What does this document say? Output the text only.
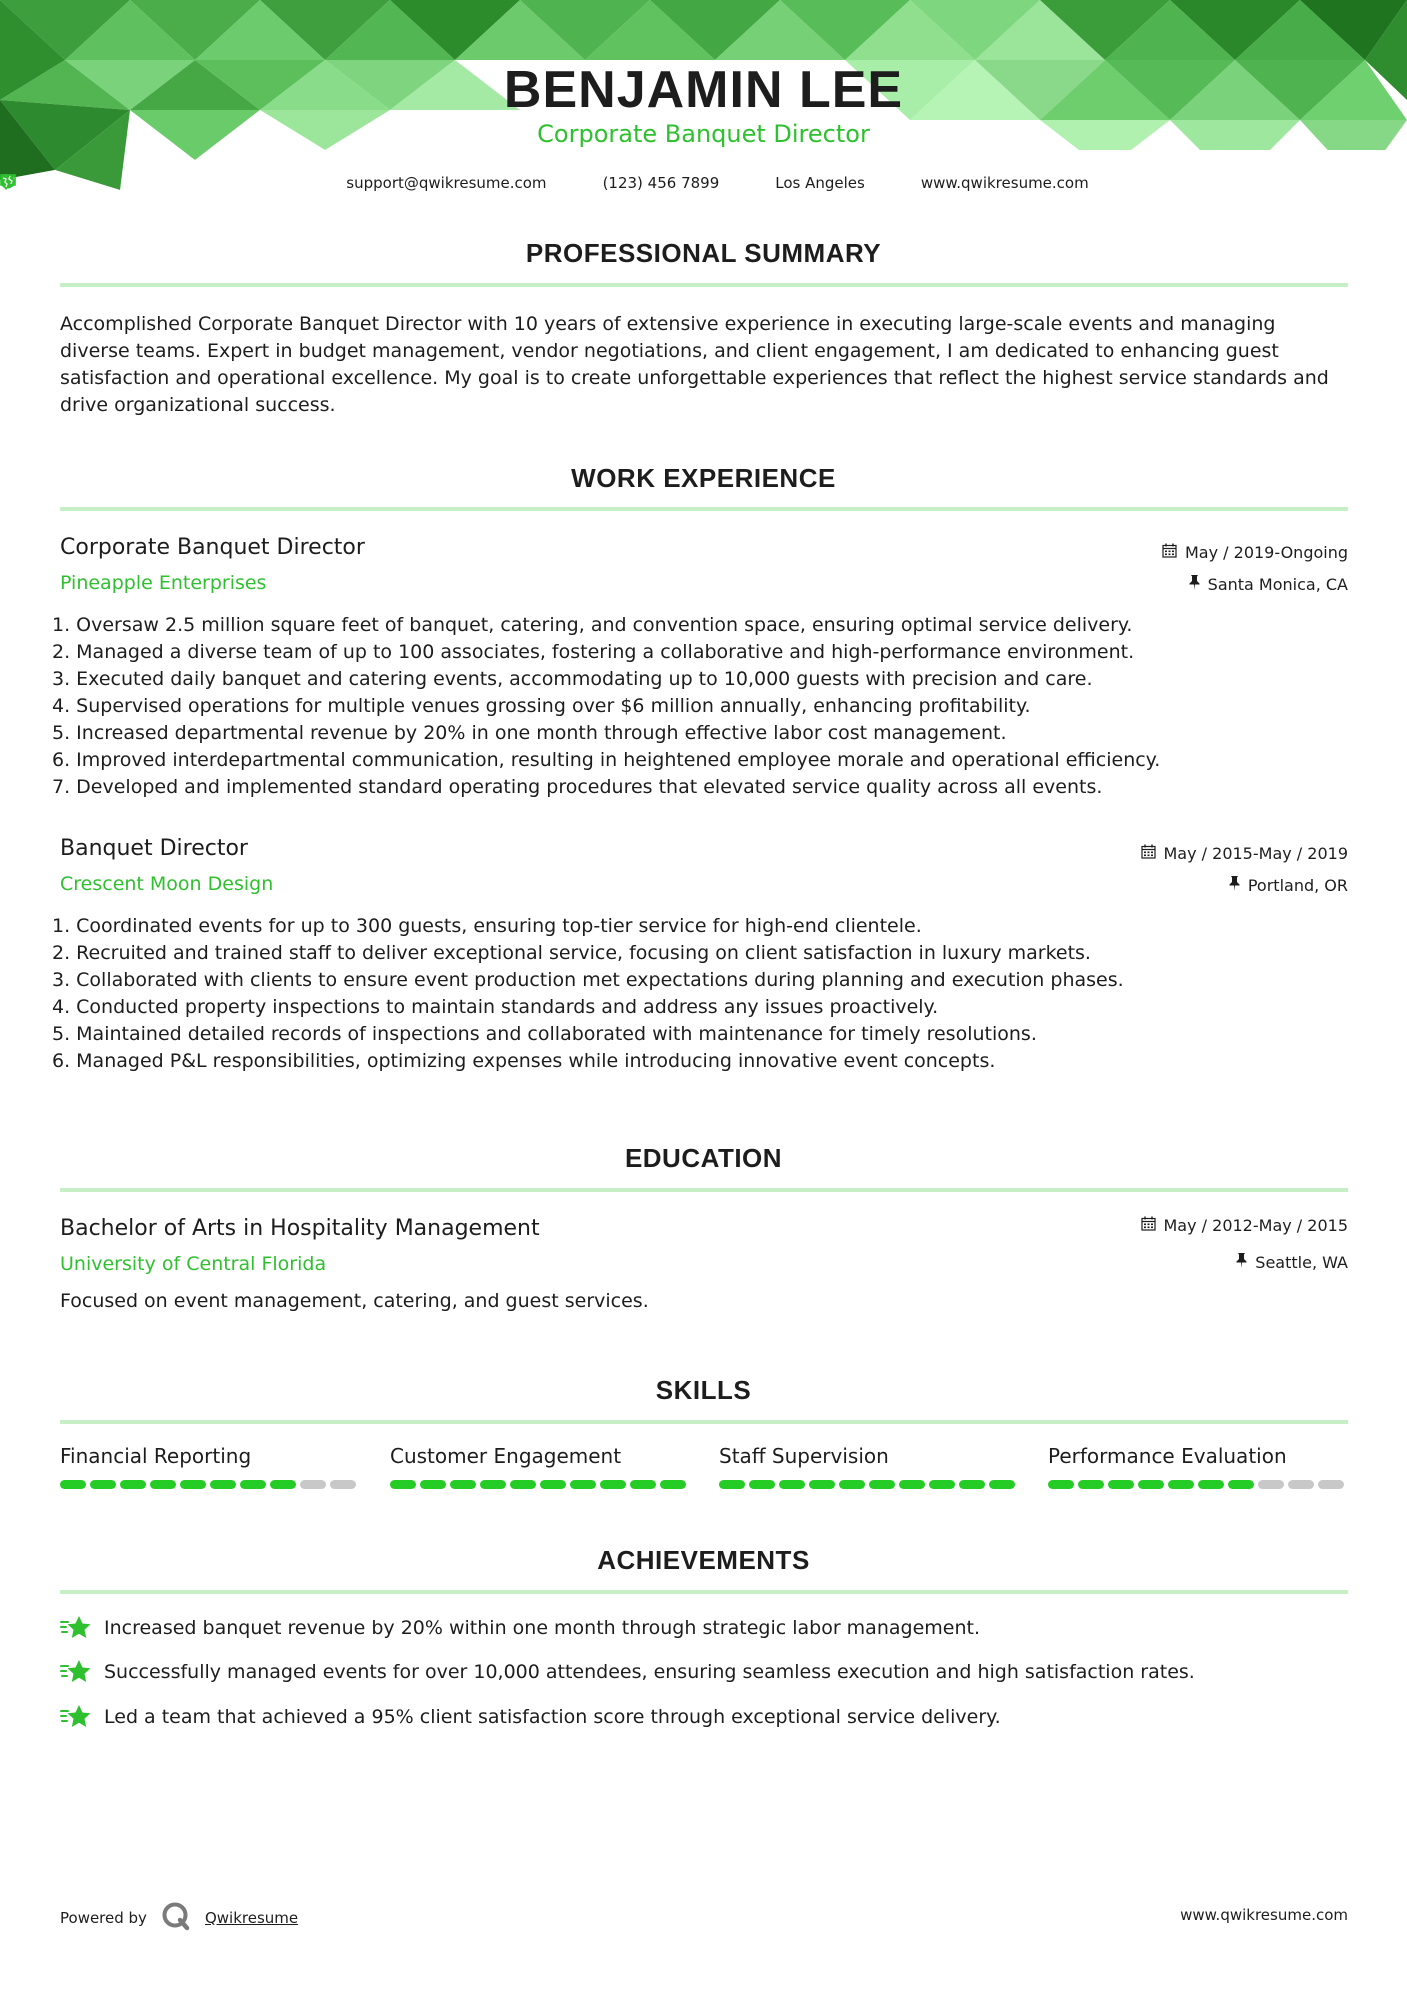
BENJAMIN LEE
Corporate Banquet Director
support@qwikresume.com	(123) 456 7899	Los Angeles	www.qwikresume.com
PROFESSIONAL SUMMARY
Accomplished Corporate Banquet Director with 10 years of extensive experience in executing large-scale events and managing diverse teams. Expert in budget management, vendor negotiations, and client engagement, I am dedicated to enhancing guest satisfaction and operational excellence. My goal is to create unforgettable experiences that reflect the highest service standards and drive organizational success.
WORK EXPERIENCE
Corporate Banquet Director	May / 2019-Ongoing
Pineapple Enterprises	Santa Monica, CA
1. Oversaw 2.5 million square feet of banquet, catering, and convention space, ensuring optimal service delivery.
2. Managed a diverse team of up to 100 associates, fostering a collaborative and high-performance environment.
3. Executed daily banquet and catering events, accommodating up to 10,000 guests with precision and care.
4. Supervised operations for multiple venues grossing over $6 million annually, enhancing profitability.
5. Increased departmental revenue by 20% in one month through effective labor cost management.
6. Improved interdepartmental communication, resulting in heightened employee morale and operational efficiency.
7. Developed and implemented standard operating procedures that elevated service quality across all events.
Banquet Director	May / 2015-May / 2019
Crescent Moon Design	Portland, OR
1. Coordinated events for up to 300 guests, ensuring top-tier service for high-end clientele.
2. Recruited and trained staff to deliver exceptional service, focusing on client satisfaction in luxury markets.
3. Collaborated with clients to ensure event production met expectations during planning and execution phases.
4. Conducted property inspections to maintain standards and address any issues proactively.
5. Maintained detailed records of inspections and collaborated with maintenance for timely resolutions.
6. Managed P&L responsibilities, optimizing expenses while introducing innovative event concepts.
EDUCATION
Bachelor of Arts in Hospitality Management	May / 2012-May / 2015
University of Central Florida	Seattle, WA
Focused on event management, catering, and guest services.
SKILLS
Financial Reporting	Customer Engagement	Staff Supervision	Performance Evaluation
ACHIEVEMENTS
Increased banquet revenue by 20% within one month through strategic labor management.
Successfully managed events for over 10,000 attendees, ensuring seamless execution and high satisfaction rates.
Led a team that achieved a 95% client satisfaction score through exceptional service delivery.
Powered by	Qwikresume	www.qwikresume.com
